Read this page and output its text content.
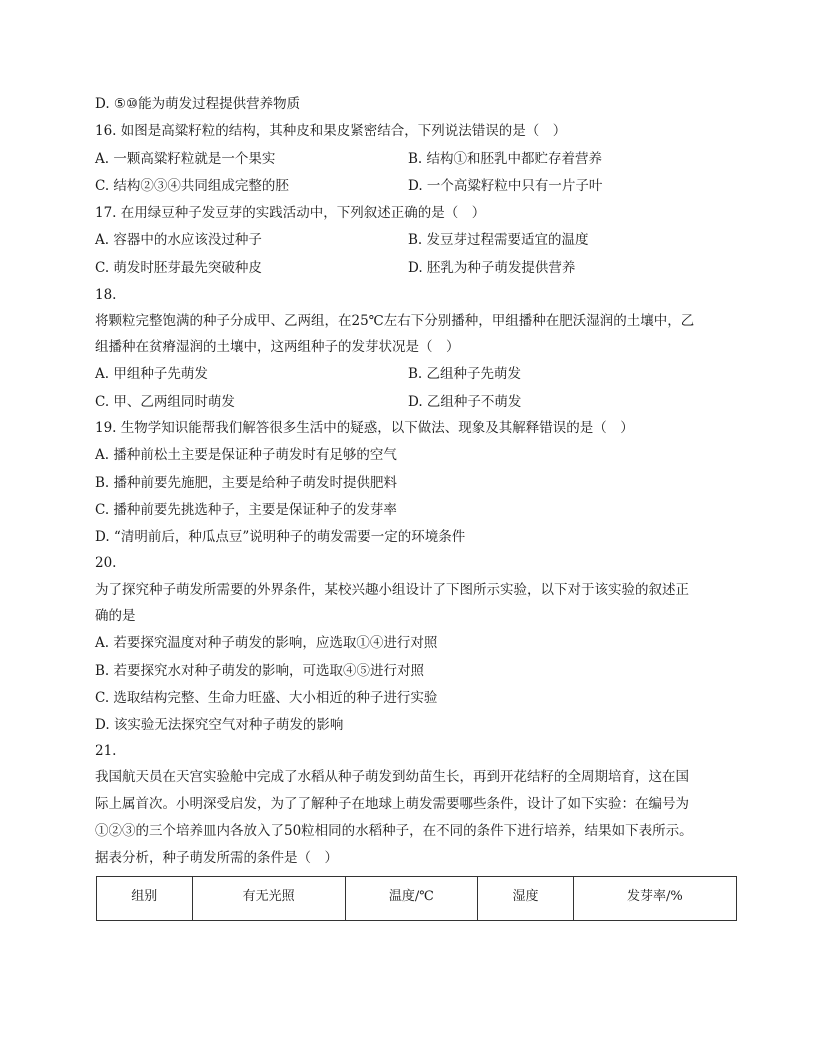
D. ⑤⑩能为萌发过程提供营养物质
16. 如图是高粱籽粒的结构，其种皮和果皮紧密结合，下列说法错误的是（　）
A. 一颗高粱籽粒就是一个果实	B. 结构①和胚乳中都贮存着营养
C. 结构②③④共同组成完整的胚	D. 一个高粱籽粒中只有一片子叶
17. 在用绿豆种子发豆芽的实践活动中，下列叙述正确的是（　）
A. 容器中的水应该没过种子	B. 发豆芽过程需要适宜的温度
C. 萌发时胚芽最先突破种皮	D. 胚乳为种子萌发提供营养
18.
将颗粒完整饱满的种子分成甲、乙两组，在25℃左右下分别播种，甲组播种在肥沃湿润的土壤中，乙
组播种在贫瘠湿润的土壤中，这两组种子的发芽状况是（　）
A. 甲组种子先萌发	B. 乙组种子先萌发
C. 甲、乙两组同时萌发	D. 乙组种子不萌发
19. 生物学知识能帮我们解答很多生活中的疑惑，以下做法、现象及其解释错误的是（　）
A. 播种前松土主要是保证种子萌发时有足够的空气
B. 播种前要先施肥，主要是给种子萌发时提供肥料
C. 播种前要先挑选种子，主要是保证种子的发芽率
D. “清明前后，种瓜点豆”说明种子的萌发需要一定的环境条件
20.
为了探究种子萌发所需要的外界条件，某校兴趣小组设计了下图所示实验，以下对于该实验的叙述正
确的是
A. 若要探究温度对种子萌发的影响，应选取①④进行对照
B. 若要探究水对种子萌发的影响，可选取④⑤进行对照
C. 选取结构完整、生命力旺盛、大小相近的种子进行实验
D. 该实验无法探究空气对种子萌发的影响
21.
我国航天员在天宫实验舱中完成了水稻从种子萌发到幼苗生长，再到开花结籽的全周期培育，这在国
际上属首次。小明深受启发，为了了解种子在地球上萌发需要哪些条件，设计了如下实验：在编号为
①②③的三个培养皿内各放入了50粒相同的水稻种子，在不同的条件下进行培养，结果如下表所示。
据表分析，种子萌发所需的条件是（　）
组别	有无光照	温度/℃	湿度	发芽率/%
